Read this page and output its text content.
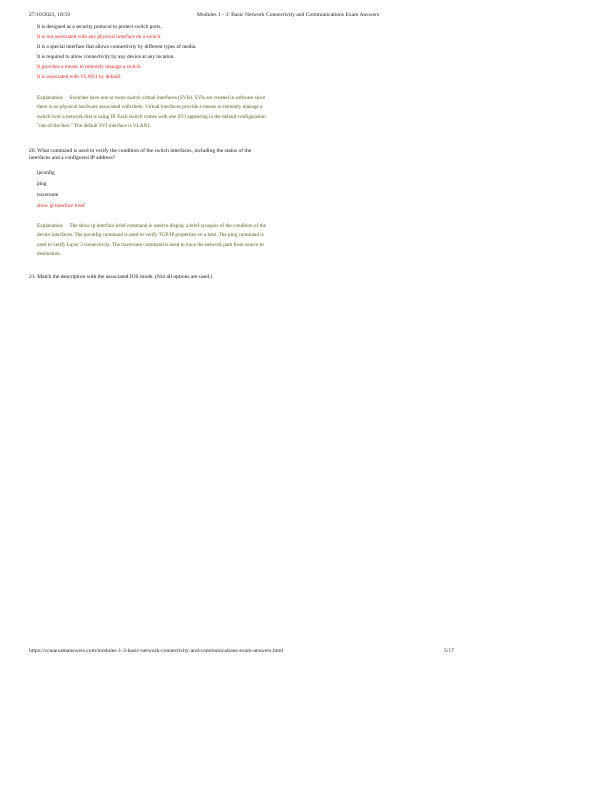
27/10/2023, 18:59	Modules 1 - 3: Basic Network Connectivity and Communications Exam Answers
It is designed as a security protocol to protect switch ports.
It is not associated with any physical interface on a switch.
It is a special interface that allows connectivity by different types of media.
It is required to allow connectivity by any device at any location.
It provides a means to remotely manage a switch.
It is associated with VLAN1 by default.
Explanation: Switches have one or more switch virtual interfaces (SVIs). SVIs are created in software since
there is no physical hardware associated with them. Virtual interfaces provide a means to remotely manage a
switch over a network that is using IP. Each switch comes with one SVI appearing in the default configuration
"out-of-the-box." The default SVI interface is VLAN1.
20. What command is used to verify the condition of the switch interfaces, including the status of the
interfaces and a configured IP address?
ipconfig
ping
traceroute
show ip interface brief
Explanation: The show ip interface brief command is used to display a brief synopsis of the condition of the
device interfaces. The ipconfig command is used to verify TCP/IP properties on a host. The ping command is
used to verify Layer 3 connectivity. The traceroute command is used to trace the network path from source to
destination.
21. Match the description with the associated IOS mode. (Not all options are used.)
https://ccnaexamanswers.com/modules-1-3-basic-network-connectivity-and-communications-exam-answers.html	5/17
